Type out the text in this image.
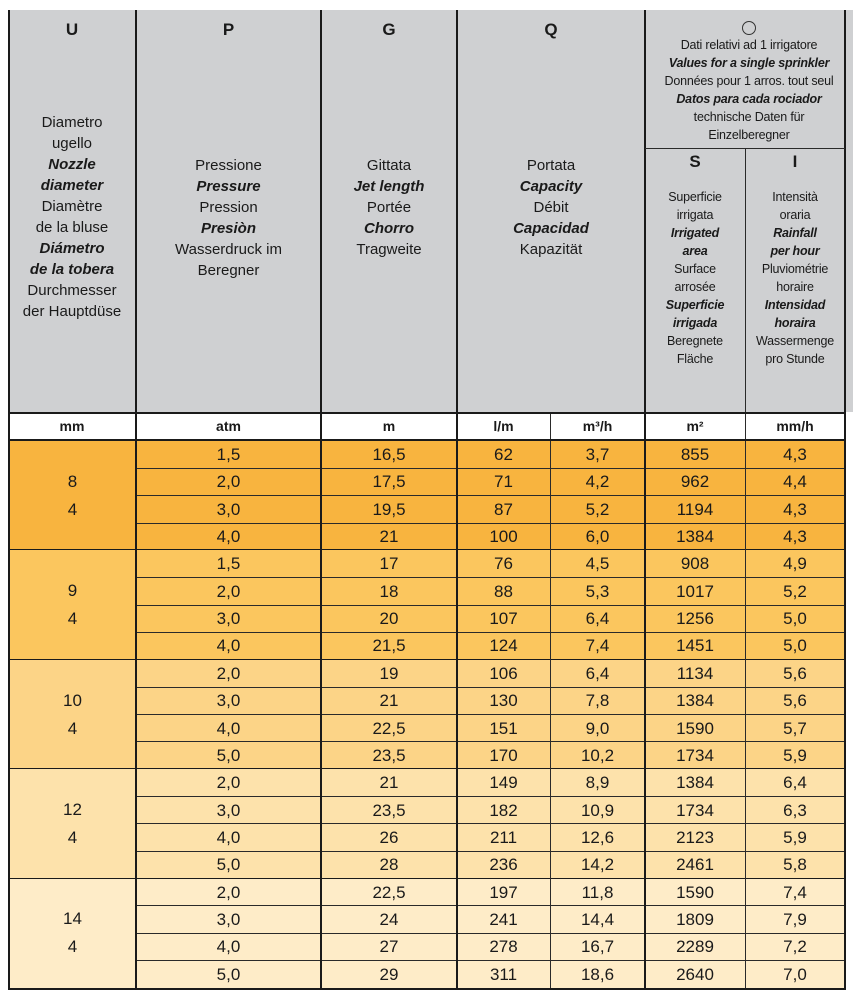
U
Diametro
ugello
Nozzle
diameter
Diamètre
de la bluse
Diámetro
de la tobera
Durchmesser
der Hauptdüse
P
Pressione
Pressure
Pression
Presiòn
Wasserdruck im
Beregner
G
Gittata
Jet length
Portée
Chorro
Tragweite
Q
Portata
Capacity
Débit
Capacidad
Kapazität
Dati relativi ad 1 irrigatore
Values for a single sprinkler
Données pour 1 arros. tout seul
Datos para cada rociador
technische Daten für
Einzelberegner
S
Superficie
irrigata
Irrigated
area
Surface
arrosée
Superficie
irrigada
Beregnete
Fläche
I
Intensità
oraria
Rainfall
per hour
Pluviométrie
horaire
Intensidad
horaira
Wassermenge
pro Stunde
mm	atm	m	l/m	m³/h	m²	mm/h
8
4
1,5	16,5	62	3,7	855	4,3
2,0	17,5	71	4,2	962	4,4
3,0	19,5	87	5,2	1194	4,3
4,0	21	100	6,0	1384	4,3
9
4
1,5	17	76	4,5	908	4,9
2,0	18	88	5,3	1017	5,2
3,0	20	107	6,4	1256	5,0
4,0	21,5	124	7,4	1451	5,0
10
4
2,0	19	106	6,4	1134	5,6
3,0	21	130	7,8	1384	5,6
4,0	22,5	151	9,0	1590	5,7
5,0	23,5	170	10,2	1734	5,9
12
4
2,0	21	149	8,9	1384	6,4
3,0	23,5	182	10,9	1734	6,3
4,0	26	211	12,6	2123	5,9
5,0	28	236	14,2	2461	5,8
14
4
2,0	22,5	197	11,8	1590	7,4
3,0	24	241	14,4	1809	7,9
4,0	27	278	16,7	2289	7,2
5,0	29	311	18,6	2640	7,0
